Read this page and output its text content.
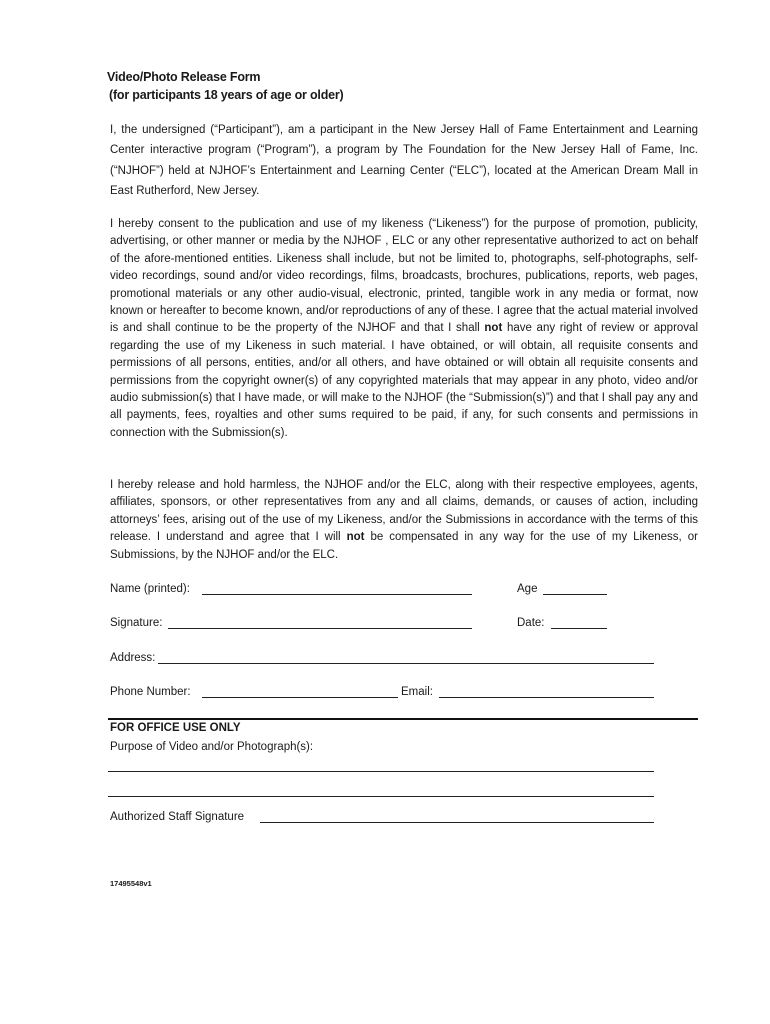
Video/Photo Release Form
(for participants 18 years of age or older)

I, the undersigned (“Participant”), am a participant in the New Jersey Hall of Fame Entertainment and Learning Center interactive program (“Program”), a program by The Foundation for the New Jersey Hall of Fame, Inc. (“NJHOF”) held at NJHOF’s Entertainment and Learning Center (“ELC”), located at the American Dream Mall in East Rutherford, New Jersey.

I hereby consent to the publication and use of my likeness (“Likeness”) for the purpose of promotion, publicity, advertising, or other manner or media by the NJHOF , ELC or any other representative authorized to act on behalf of the afore-mentioned entities. Likeness shall include, but not be limited to, photographs, self-photographs, self-video recordings, sound and/or video recordings, films, broadcasts, brochures, publications, reports, web pages, promotional materials or any other audio-visual, electronic, printed, tangible work in any media or format, now known or hereafter to become known, and/or reproductions of any of these. I agree that the actual material involved is and shall continue to be the property of the NJHOF and that I shall not have any right of review or approval regarding the use of my Likeness in such material. I have obtained, or will obtain, all requisite consents and permissions of all persons, entities, and/or all others, and have obtained or will obtain all requisite consents and permissions from the copyright owner(s) of any copyrighted materials that may appear in any photo, video and/or audio submission(s) that I have made, or will make to the NJHOF (the “Submission(s)”) and that I shall pay any and all payments, fees, royalties and other sums required to be paid, if any, for such consents and permissions in connection with the Submission(s).

I hereby release and hold harmless, the NJHOF and/or the ELC, along with their respective employees, agents, affiliates, sponsors, or other representatives from any and all claims, demands, or causes of action, including attorneys’ fees, arising out of the use of my Likeness, and/or the Submissions in accordance with the terms of this release. I understand and agree that I will not be compensated in any way for the use of my Likeness, or Submissions, by the NJHOF and/or the ELC.

Name (printed):	Age
Signature:	Date:
Address:
Phone Number:	Email:
FOR OFFICE USE ONLY
Purpose of Video and/or Photograph(s):
Authorized Staff Signature
17495548v1
